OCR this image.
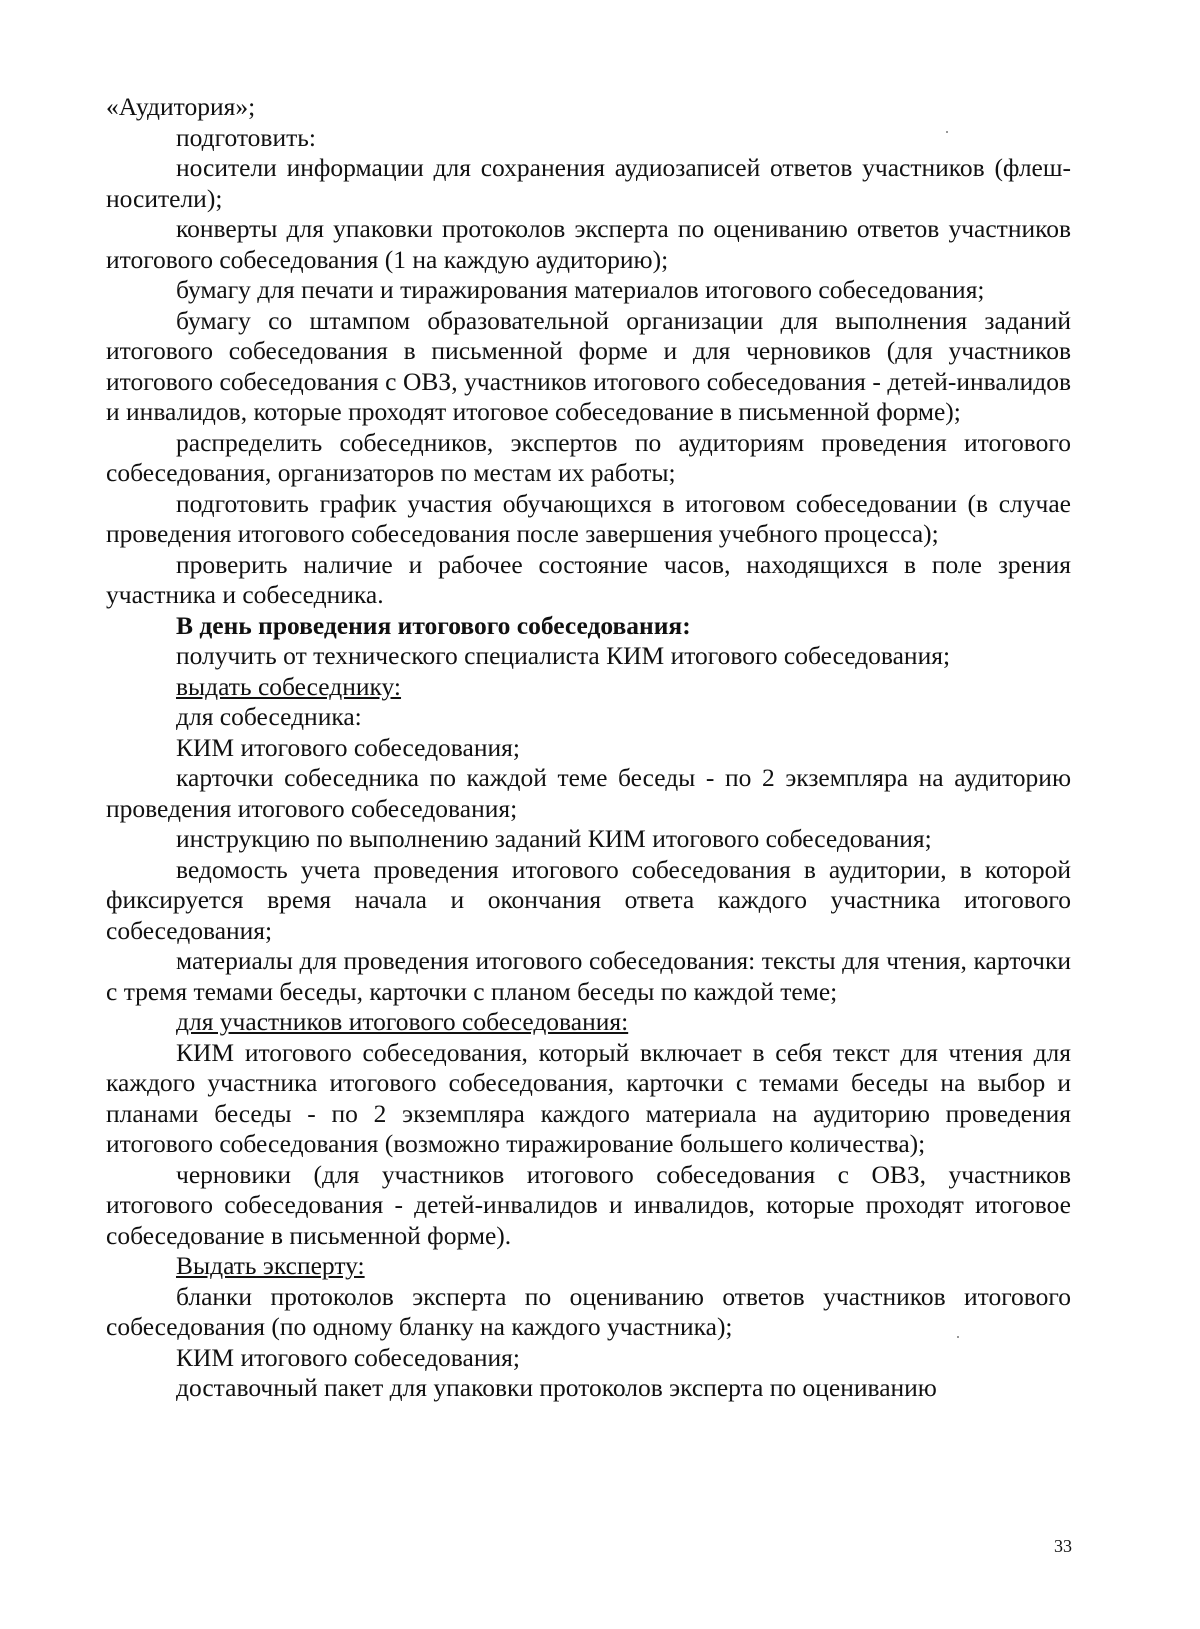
«Аудитория»;

подготовить:

носители информации для сохранения аудиозаписей ответов участников (флеш-носители);

конверты для упаковки протоколов эксперта по оцениванию ответов участников итогового собеседования (1 на каждую аудиторию);

бумагу для печати и тиражирования материалов итогового собеседования;

бумагу со штампом образовательной организации для выполнения заданий итогового собеседования в письменной форме и для черновиков (для участников итогового собеседования с ОВЗ, участников итогового собеседования - детей-инвалидов и инвалидов, которые проходят итоговое собеседование в письменной форме);

распределить собеседников, экспертов по аудиториям проведения итогового собеседования, организаторов по местам их работы;

подготовить график участия обучающихся в итоговом собеседовании (в случае проведения итогового собеседования после завершения учебного процесса);

проверить наличие и рабочее состояние часов, находящихся в поле зрения участника и собеседника.

В день проведения итогового собеседования:

получить от технического специалиста КИМ итогового собеседования;

выдать собеседнику:

для собеседника:

КИМ итогового собеседования;

карточки собеседника по каждой теме беседы - по 2 экземпляра на аудиторию проведения итогового собеседования;

инструкцию по выполнению заданий КИМ итогового собеседования;

ведомость учета проведения итогового собеседования в аудитории, в которой фиксируется время начала и окончания ответа каждого участника итогового собеседования;

материалы для проведения итогового собеседования: тексты для чтения, карточки с тремя темами беседы, карточки с планом беседы по каждой теме;

для участников итогового собеседования:

КИМ итогового собеседования, который включает в себя текст для чтения для каждого участника итогового собеседования, карточки с темами беседы на выбор и планами беседы - по 2 экземпляра каждого материала на аудиторию проведения итогового собеседования (возможно тиражирование большего количества);

черновики (для участников итогового собеседования с ОВЗ, участников итогового собеседования - детей-инвалидов и инвалидов, которые проходят итоговое собеседование в письменной форме).

Выдать эксперту:

бланки протоколов эксперта по оцениванию ответов участников итогового собеседования (по одному бланку на каждого участника);

КИМ итогового собеседования;

доставочный пакет для упаковки протоколов эксперта по оцениванию

33
